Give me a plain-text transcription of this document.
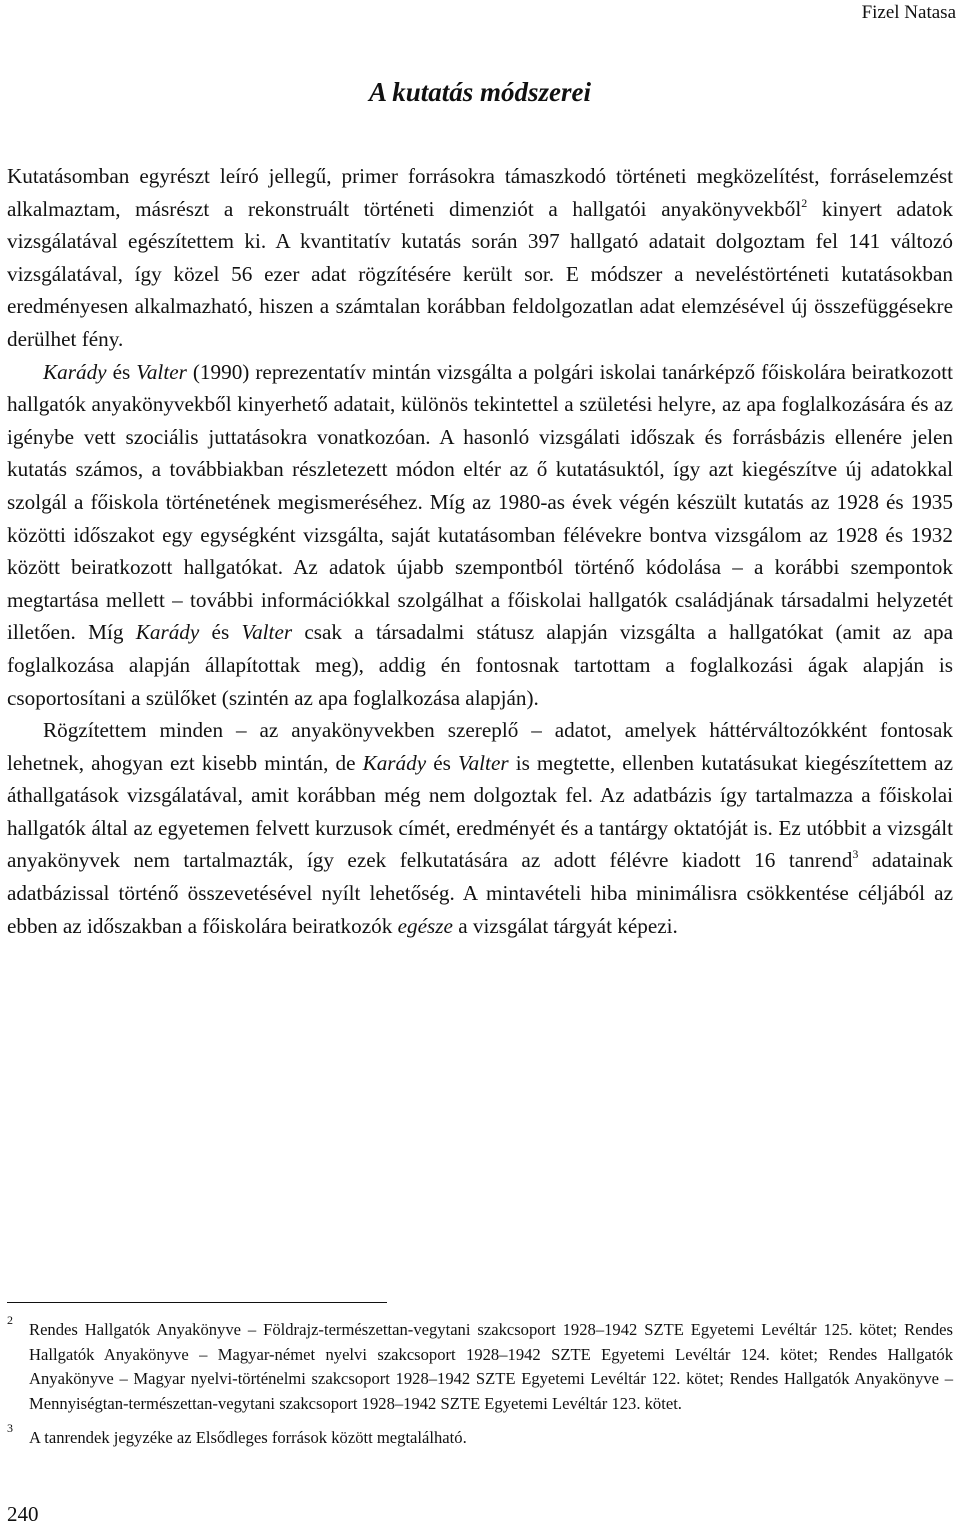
Fizel Natasa
A kutatás módszerei

Kutatásomban egyrészt leíró jellegű, primer forrásokra támaszkodó történeti megközelítést, forráselemzést alkalmaztam, másrészt a rekonstruált történeti dimenziót a hallgatói anyakönyvekből$^2$ kinyert adatok vizsgálatával egészítettem ki. A kvantitatív kutatás során 397 hallgató adatait dolgoztam fel 141 változó vizsgálatával, így közel 56 ezer adat rögzítésére került sor. E módszer a neveléstörténeti kutatásokban eredményesen alkalmazható, hiszen a számtalan korábban feldolgozatlan adat elemzésével új összefüggésekre derülhet fény.

Karády és Valter (1990) reprezentatív mintán vizsgálta a polgári iskolai tanárképző főiskolára beiratkozott hallgatók anyakönyvekből kinyerhető adatait, különös tekintettel a születési helyre, az apa foglalkozására és az igénybe vett szociális juttatásokra vonatkozóan. A hasonló vizsgálati időszak és forrásbázis ellenére jelen kutatás számos, a továbbiakban részletezett módon eltér az ő kutatásuktól, így azt kiegészítve új adatokkal szolgál a főiskola történetének megismeréséhez. Míg az 1980-as évek végén készült kutatás az 1928 és 1935 közötti időszakot egy egységként vizsgálta, saját kutatásomban félévekre bontva vizsgálom az 1928 és 1932 között beiratkozott hallgatókat. Az adatok újabb szempontból történő kódolása – a korábbi szempontok megtartása mellett – további információkkal szolgálhat a főiskolai hallgatók családjának társadalmi helyzetét illetően. Míg Karády és Valter csak a társadalmi státusz alapján vizsgálta a hallgatókat (amit az apa foglalkozása alapján állapítottak meg), addig én fontosnak tartottam a foglalkozási ágak alapján is csoportosítani a szülőket (szintén az apa foglalkozása alapján).

Rögzítettem minden – az anyakönyvekben szereplő – adatot, amelyek háttérváltozókként fontosak lehetnek, ahogyan ezt kisebb mintán, de Karády és Valter is megtette, ellenben kutatásukat kiegészítettem az áthallgatások vizsgálatával, amit korábban még nem dolgoztak fel. Az adatbázis így tartalmazza a főiskolai hallgatók által az egyetemen felvett kurzusok címét, eredményét és a tantárgy oktatóját is. Ez utóbbit a vizsgált anyakönyvek nem tartalmazták, így ezek felkutatására az adott félévre kiadott 16 tanrend$^3$ adatainak adatbázissal történő összevetésével nyílt lehetőség. A mintavételi hiba minimálisra csökkentése céljából az ebben az időszakban a főiskolára beiratkozók egésze a vizsgálat tárgyát képezi.

2 Rendes Hallgatók Anyakönyve – Földrajz-természettan-vegytani szakcsoport 1928–1942 SZTE Egyetemi Levéltár 125. kötet; Rendes Hallgatók Anyakönyve – Magyar-német nyelvi szakcsoport 1928–1942 SZTE Egyetemi Levéltár 124. kötet; Rendes Hallgatók Anyakönyve – Magyar nyelvi-történelmi szakcsoport 1928–1942 SZTE Egyetemi Levéltár 122. kötet; Rendes Hallgatók Anyakönyve – Mennyiségtan-természettan-vegytani szakcsoport 1928–1942 SZTE Egyetemi Levéltár 123. kötet.
3 A tanrendek jegyzéke az Elsődleges források között megtalálható.
240
